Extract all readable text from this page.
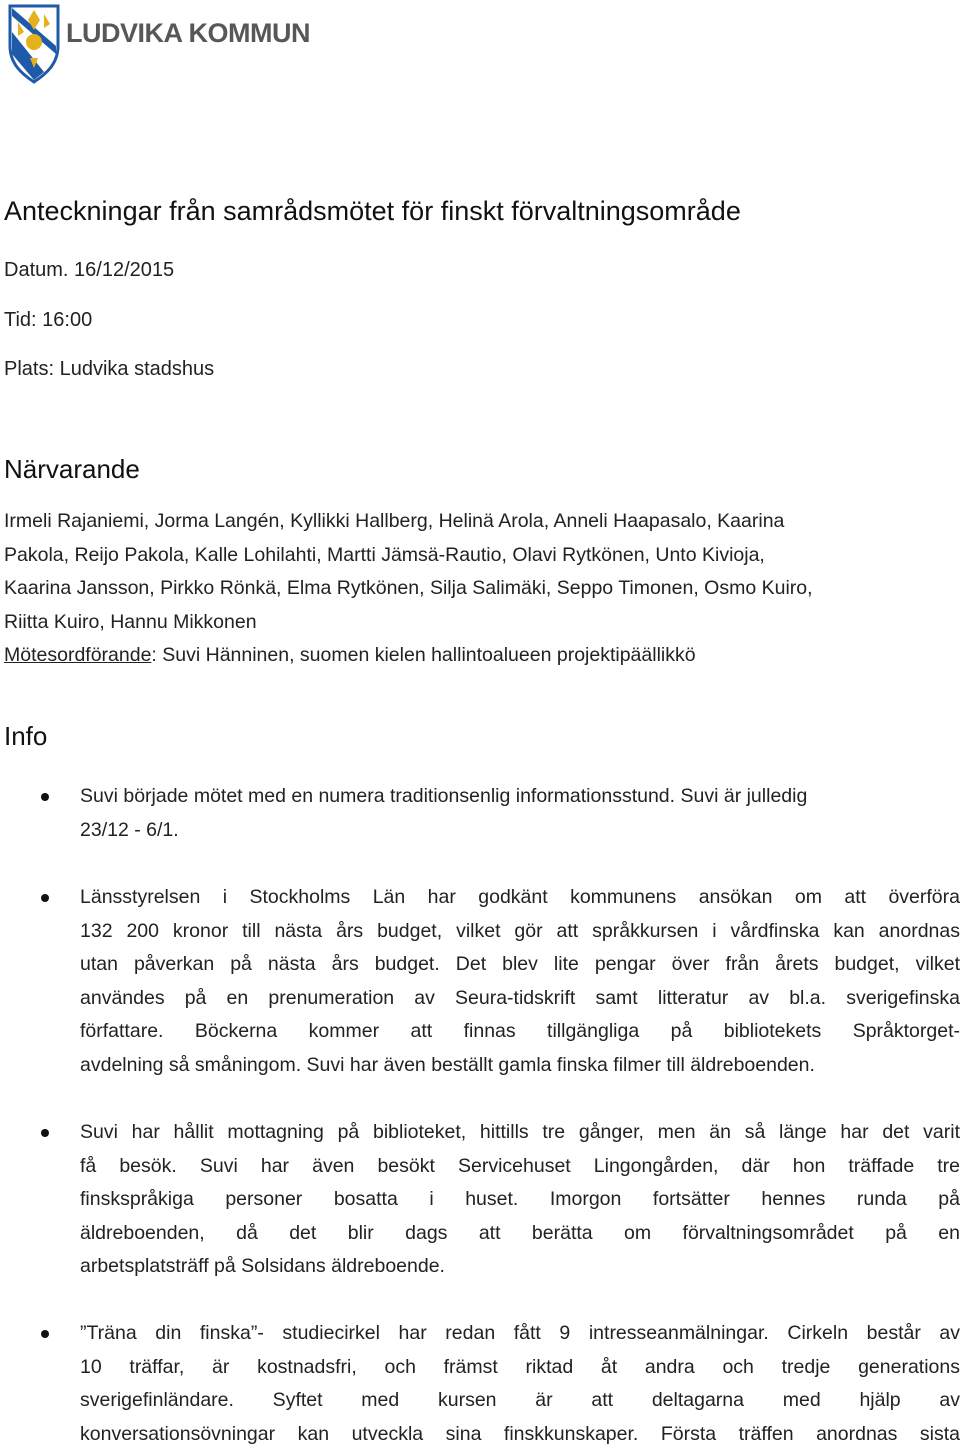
LUDVIKA KOMMUN
Anteckningar från samrådsmötet för finskt förvaltningsområde
Datum. 16/12/2015
Tid: 16:00
Plats: Ludvika stadshus
Närvarande
Irmeli Rajaniemi, Jorma Langén, Kyllikki Hallberg, Helinä Arola, Anneli Haapasalo, Kaarina
Pakola, Reijo Pakola, Kalle Lohilahti, Martti Jämsä-Rautio, Olavi Rytkönen, Unto Kivioja,
Kaarina Jansson, Pirkko Rönkä, Elma Rytkönen, Silja Salimäki, Seppo Timonen, Osmo Kuiro,
Riitta Kuiro, Hannu Mikkonen
Mötesordförande: Suvi Hänninen, suomen kielen hallintoalueen projektipäällikkö
Info
Suvi började mötet med en numera traditionsenlig informationsstund. Suvi är julledig
23/12 - 6/1.
Länsstyrelsen i Stockholms Län har godkänt kommunens ansökan om att överföra
132 200 kronor till nästa års budget, vilket gör att språkkursen i vårdfinska kan anordnas
utan påverkan på nästa års budget. Det blev lite pengar över från årets budget, vilket
användes på en prenumeration av Seura-tidskrift samt litteratur av bl.a. sverigefinska
författare. Böckerna kommer att finnas tillgängliga på bibliotekets Språktorget-
avdelning så småningom. Suvi har även beställt gamla finska filmer till äldreboenden.
Suvi har hållit mottagning på biblioteket, hittills tre gånger, men än så länge har det varit
få besök. Suvi har även besökt Servicehuset Lingongården, där hon träffade tre
finskspråkiga personer bosatta i huset. Imorgon fortsätter hennes runda på
äldreboenden, då det blir dags att berätta om förvaltningsområdet på en
arbetsplatsträff på Solsidans äldreboende.
”Träna din finska”- studiecirkel har redan fått 9 intresseanmälningar. Cirkeln består av
10 träffar, är kostnadsfri, och främst riktad åt andra och tredje generations
sverigefinländare. Syftet med kursen är att deltagarna med hjälp av
konversationsövningar kan utveckla sina finskkunskaper. Första träffen anordnas sista
